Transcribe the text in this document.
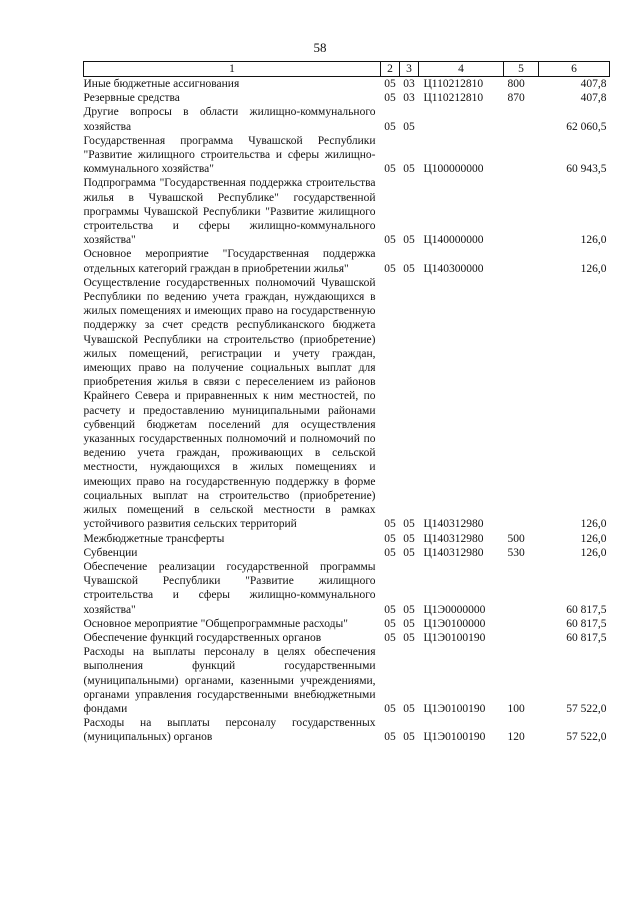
58
1	2	3	4	5	6
Иные бюджетные ассигнования	05	03	Ц110212810	800	407,8
Резервные средства	05	03	Ц110212810	870	407,8
Другие вопросы в области жилищно-коммунального хозяйства	05	05			62 060,5
Государственная программа Чувашской Республики "Развитие жилищного строительства и сферы жилищно-коммунального хозяйства"	05	05	Ц100000000		60 943,5
Подпрограмма "Государственная поддержка строительства жилья в Чувашской Республике" государственной программы Чувашской Республики "Развитие жилищного строительства и сферы жилищно-коммунального хозяйства"	05	05	Ц140000000		126,0
Основное мероприятие "Государственная поддержка отдельных категорий граждан в приобретении жилья"	05	05	Ц140300000		126,0
Осуществление государственных полномочий Чувашской Республики по ведению учета граждан, нуждающихся в жилых помещениях и имеющих право на государственную поддержку за счет средств республиканского бюджета Чувашской Республики на строительство (приобретение) жилых помещений, регистрации и учету граждан, имеющих право на получение социальных выплат для приобретения жилья в связи с переселением из районов Крайнего Севера и приравненных к ним местностей, по расчету и предоставлению муниципальными районами субвенций бюджетам поселений для осуществления указанных государственных полномочий и полномочий по ведению учета граждан, проживающих в сельской местности, нуждающихся в жилых помещениях и имеющих право на государственную поддержку в форме социальных выплат на строительство (приобретение) жилых помещений в сельской местности в рамках устойчивого развития сельских территорий	05	05	Ц140312980		126,0
Межбюджетные трансферты	05	05	Ц140312980	500	126,0
Субвенции	05	05	Ц140312980	530	126,0
Обеспечение реализации государственной программы Чувашской Республики "Развитие жилищного строительства и сферы жилищно-коммунального хозяйства"	05	05	Ц1Э0000000		60 817,5
Основное мероприятие "Общепрограммные расходы"	05	05	Ц1Э0100000		60 817,5
Обеспечение функций государственных органов	05	05	Ц1Э0100190		60 817,5
Расходы на выплаты персоналу в целях обеспечения выполнения функций государственными (муниципальными) органами, казенными учреждениями, органами управления государственными внебюджетными фондами	05	05	Ц1Э0100190	100	57 522,0
Расходы на выплаты персоналу государственных (муниципальных) органов	05	05	Ц1Э0100190	120	57 522,0
